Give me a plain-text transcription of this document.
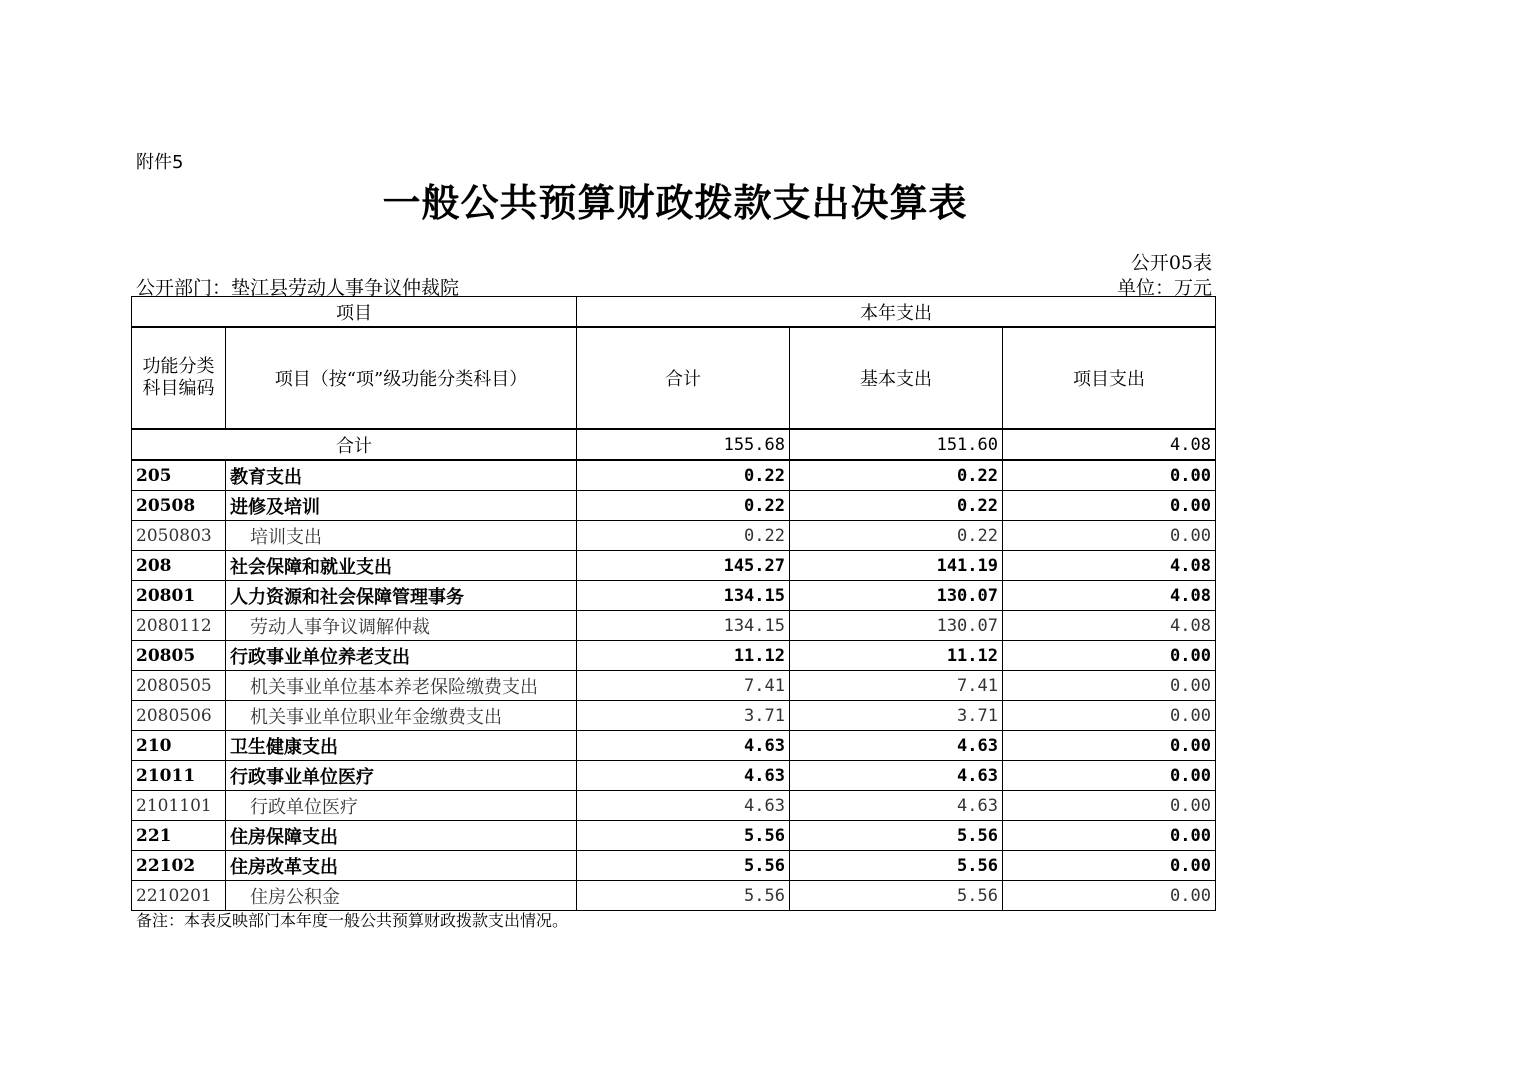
附件5
一般公共预算财政拨款支出决算表
公开05表
公开部门：垫江县劳动人事争议仲裁院	单位：万元
项目		本年支出		
功能分类科目编码	项目（按“项”级功能分类科目）	合计	基本支出	项目支出
合计		155.68	151.60	4.08
205	教育支出	0.22	0.22	0.00
20508	进修及培训	0.22	0.22	0.00
2050803	培训支出	0.22	0.22	0.00
208	社会保障和就业支出	145.27	141.19	4.08
20801	人力资源和社会保障管理事务	134.15	130.07	4.08
2080112	劳动人事争议调解仲裁	134.15	130.07	4.08
20805	行政事业单位养老支出	11.12	11.12	0.00
2080505	机关事业单位基本养老保险缴费支出	7.41	7.41	0.00
2080506	机关事业单位职业年金缴费支出	3.71	3.71	0.00
210	卫生健康支出	4.63	4.63	0.00
21011	行政事业单位医疗	4.63	4.63	0.00
2101101	行政单位医疗	4.63	4.63	0.00
221	住房保障支出	5.56	5.56	0.00
22102	住房改革支出	5.56	5.56	0.00
2210201	住房公积金	5.56	5.56	0.00
备注：本表反映部门本年度一般公共预算财政拨款支出情况。
